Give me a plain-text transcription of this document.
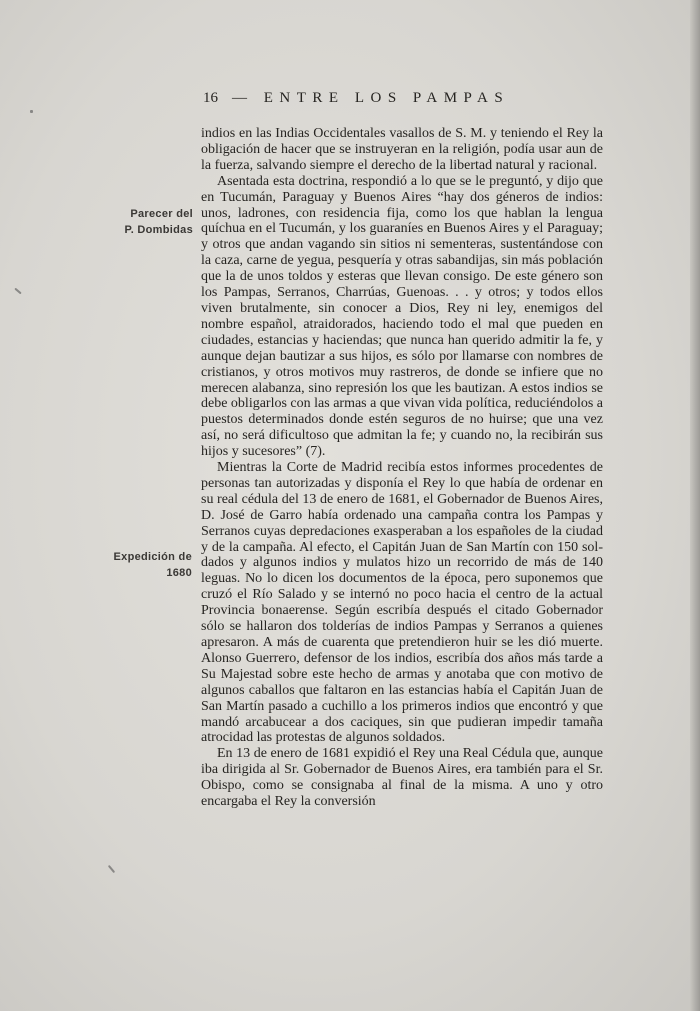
16 — ENTRE LOS PAMPAS
Parecer del
P. Dombidas
Expedición de
1680

indios en las Indias Occidentales vasallos de S. M. y teniendo el Rey la obligación de hacer que se instruyeran en la religión, podía usar aun de la fuerza, salvando siempre el derecho de la libertad natural y racional.

Asentada esta doctrina, respondió a lo que se le preguntó, y dijo que en Tucumán, Paraguay y Buenos Aires “hay dos géneros de indios: unos, ladrones, con residencia fija, como los que hablan la lengua quíchua en el Tucumán, y los guaraníes en Buenos Aires y el Paraguay; y otros que andan vagando sin sitios ni sementeras, sustentándose con la caza, carne de yegua, pesquería y otras sabandijas, sin más población que la de unos toldos y esteras que llevan consigo. De este género son los Pampas, Serranos, Charrúas, Guenoas. . . y otros; y todos ellos viven brutalmente, sin conocer a Dios, Rey ni ley, enemigos del nombre español, atraidorados, haciendo todo el mal que pueden en ciudades, estancias y haciendas; que nunca han querido admitir la fe, y aunque dejan bautizar a sus hijos, es sólo por llamarse con nombres de cristianos, y otros motivos muy rastreros, de donde se infiere que no merecen alabanza, sino represión los que les bautizan. A estos indios se debe obligarlos con las armas a que vivan vida política, reduciéndolos a puestos determinados donde estén seguros de no huirse; que una vez así, no será dificultoso que admitan la fe; y cuando no, la recibirán sus hijos y sucesores” (7).

Mientras la Corte de Madrid recibía estos informes procedentes de personas tan autorizadas y disponía el Rey lo que había de ordenar en su real cédula del 13 de enero de 1681, el Gobernador de Buenos Aires, D. José de Garro había ordenado una campaña contra los Pampas y Serranos cuyas depredaciones exasperaban a los españoles de la ciudad y de la campaña. Al efecto, el Capitán Juan de San Martín con 150 soldados y algunos indios y mulatos hizo un recorrido de más de 140 leguas. No lo dicen los documentos de la época, pero suponemos que cruzó el Río Salado y se internó no poco hacia el centro de la actual Provincia bonaerense. Según escribía después el citado Gobernador sólo se hallaron dos tolderías de indios Pampas y Serranos a quienes apresaron. A más de cuarenta que pretendieron huir se les dió muerte. Alonso Guerrero, defensor de los indios, escribía dos años más tarde a Su Majestad sobre este hecho de armas y anotaba que con motivo de algunos caballos que faltaron en las estancias había el Capitán Juan de San Martín pasado a cuchillo a los primeros indios que encontró y que mandó arcabucear a dos caciques, sin que pudieran impedir tamaña atrocidad las protestas de algunos soldados.

En 13 de enero de 1681 expidió el Rey una Real Cédula que, aunque iba dirigida al Sr. Gobernador de Buenos Aires, era también para el Sr. Obispo, como se consignaba al final de la misma. A uno y otro encargaba el Rey la conversión
